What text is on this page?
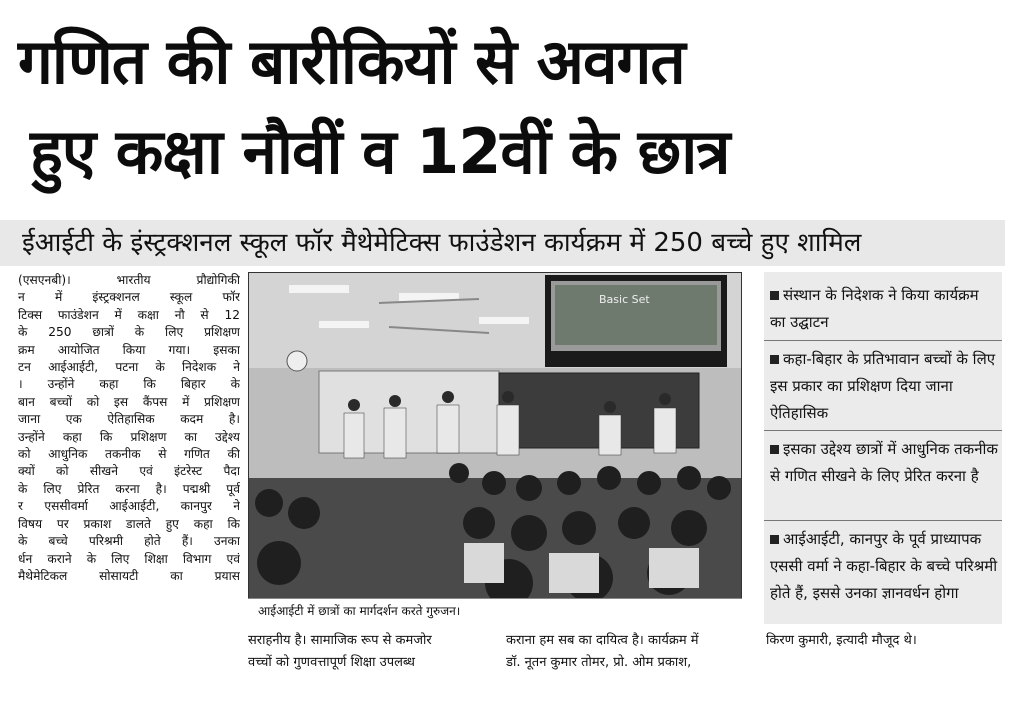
गणित की बारीकियों से अवगत
हुए कक्षा नौवीं व 12वीं के छात्र
ईआईटी के इंस्ट्रक्शनल स्कूल फॉर मैथेमेटिक्स फाउंडेशन कार्यक्रम में 250 बच्चे हुए शामिल
(एसएनबी)। भारतीय प्रौद्योगिकी
न में इंस्ट्रक्शनल स्कूल फॉर
टिक्स फाउंडेशन में कक्षा नौ से 12
के 250 छात्रों के लिए प्रशिक्षण
क्रम आयोजित किया गया। इसका
टन आईआईटी, पटना के निदेशक ने
। उन्होंने कहा कि बिहार के
बान बच्चों को इस कैंपस में प्रशिक्षण
जाना एक ऐतिहासिक कदम है।
उन्होंने कहा कि प्रशिक्षण का उद्देश्य
को आधुनिक तकनीक से गणित की
क्यों को सीखने एवं इंटरेस्ट पैदा
के लिए प्रेरित करना है। पद्मश्री पूर्व
र एससीवर्मा आईआईटी, कानपुर ने
विषय पर प्रकाश डालते हुए कहा कि
के बच्चे परिश्रमी होते हैं। उनका
र्धन कराने के लिए शिक्षा विभाग एवं
मैथेमेटिकल सोसायटी का प्रयास
Basic Set
आईआईटी में छात्रों का मार्गदर्शन करते गुरुजन।
संस्थान के निदेशक ने किया कार्यक्रम का उद्घाटन
कहा-बिहार के प्रतिभावान बच्चों के लिए इस प्रकार का प्रशिक्षण दिया जाना ऐतिहासिक
इसका उद्देश्य छात्रों में आधुनिक तकनीक से गणित सीखने के लिए प्रेरित करना है
आईआईटी, कानपुर के पूर्व प्राध्यापक एससी वर्मा ने कहा-बिहार के बच्चे परिश्रमी होते हैं, इससे उनका ज्ञानवर्धन होगा
सराहनीय है। सामाजिक रूप से कमजोर
वच्चों को गुणवत्तापूर्ण शिक्षा उपलब्ध
कराना हम सब का दायित्व है। कार्यक्रम में
डॉ. नूतन कुमार तोमर, प्रो. ओम प्रकाश,
किरण कुमारी, इत्यादी मौजूद थे।
